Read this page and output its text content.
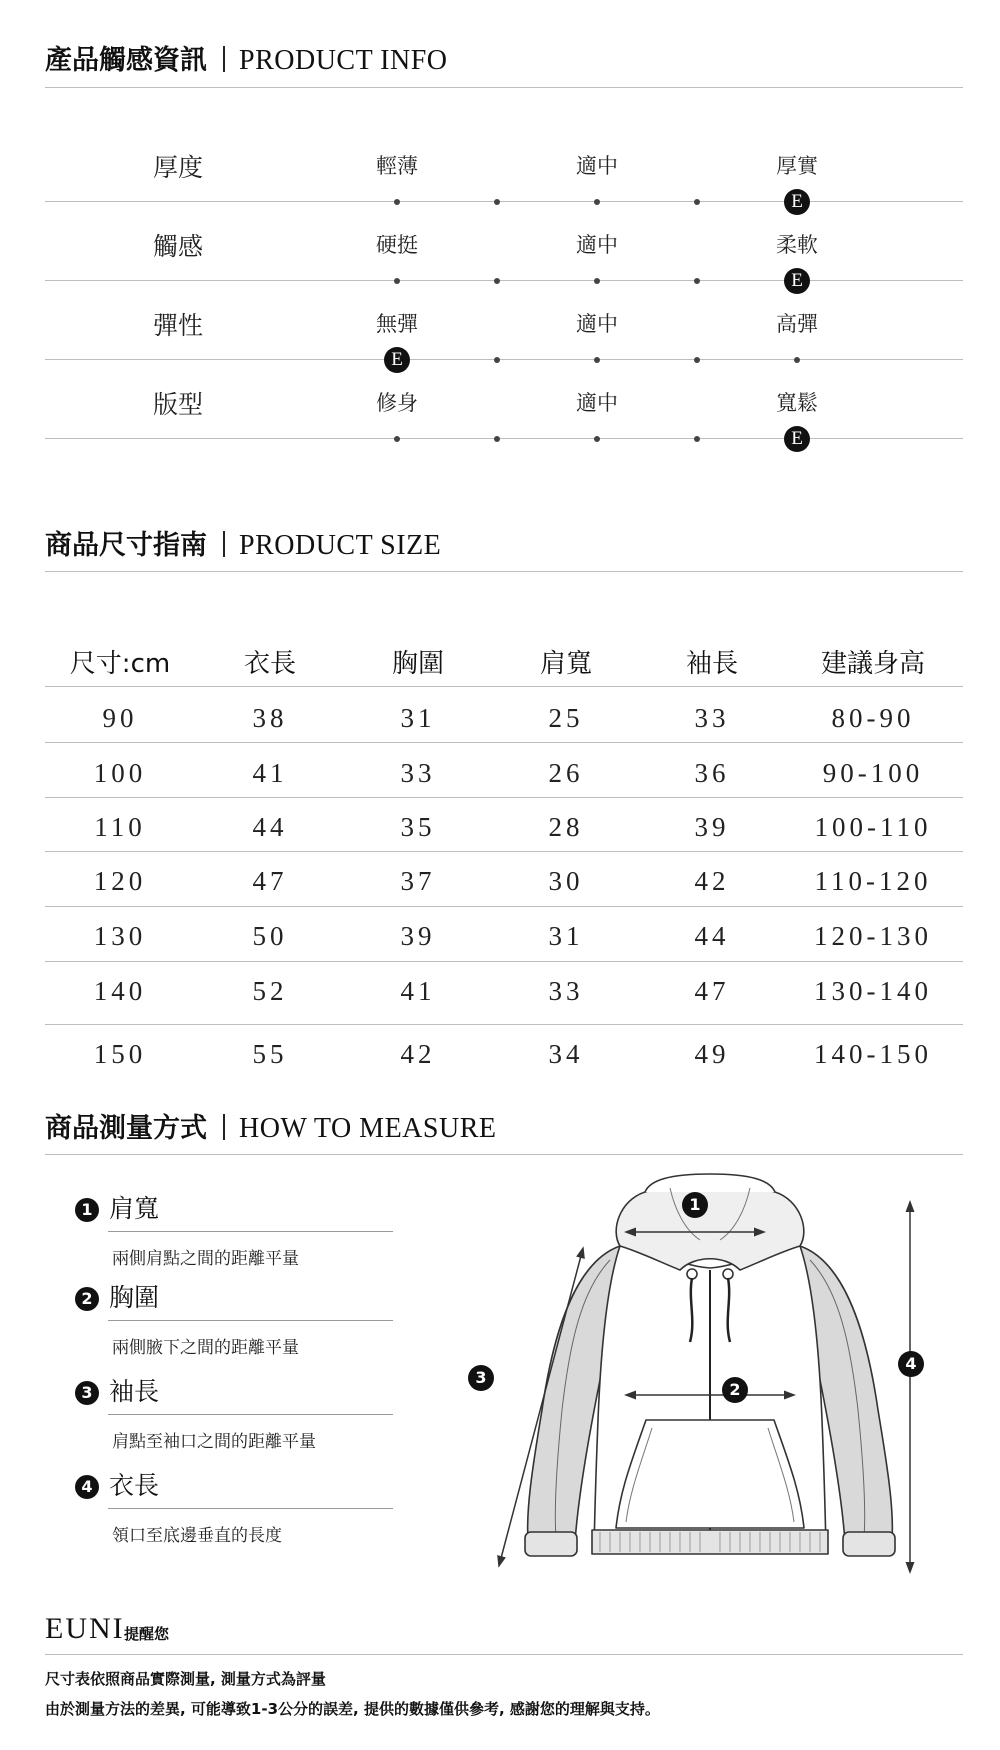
產品觸感資訊 PRODUCT INFO
厚度	輕薄	適中	厚實
E
觸感	硬挺	適中	柔軟
E
彈性	無彈	適中	高彈
E
版型	修身	適中	寬鬆
E
商品尺寸指南 PRODUCT SIZE
尺寸:cm	衣長	胸圍	肩寬	袖長	建議身高
90	38	31	25	33	80-90
100	41	33	26	36	90-100
110	44	35	28	39	100-110
120	47	37	30	42	110-120
130	50	39	31	44	120-130
140	52	41	33	47	130-140
150	55	42	34	49	140-150
商品測量方式 HOW TO MEASURE
1 肩寬
兩側肩點之間的距離平量
2 胸圍
兩側腋下之間的距離平量
3 袖長
肩點至袖口之間的距離平量
4 衣長
領口至底邊垂直的長度
1
2
3
4
EUNI 提醒您
尺寸表依照商品實際測量, 測量方式為評量
由於測量方法的差異, 可能導致1-3公分的誤差, 提供的數據僅供參考, 感謝您的理解與支持。
